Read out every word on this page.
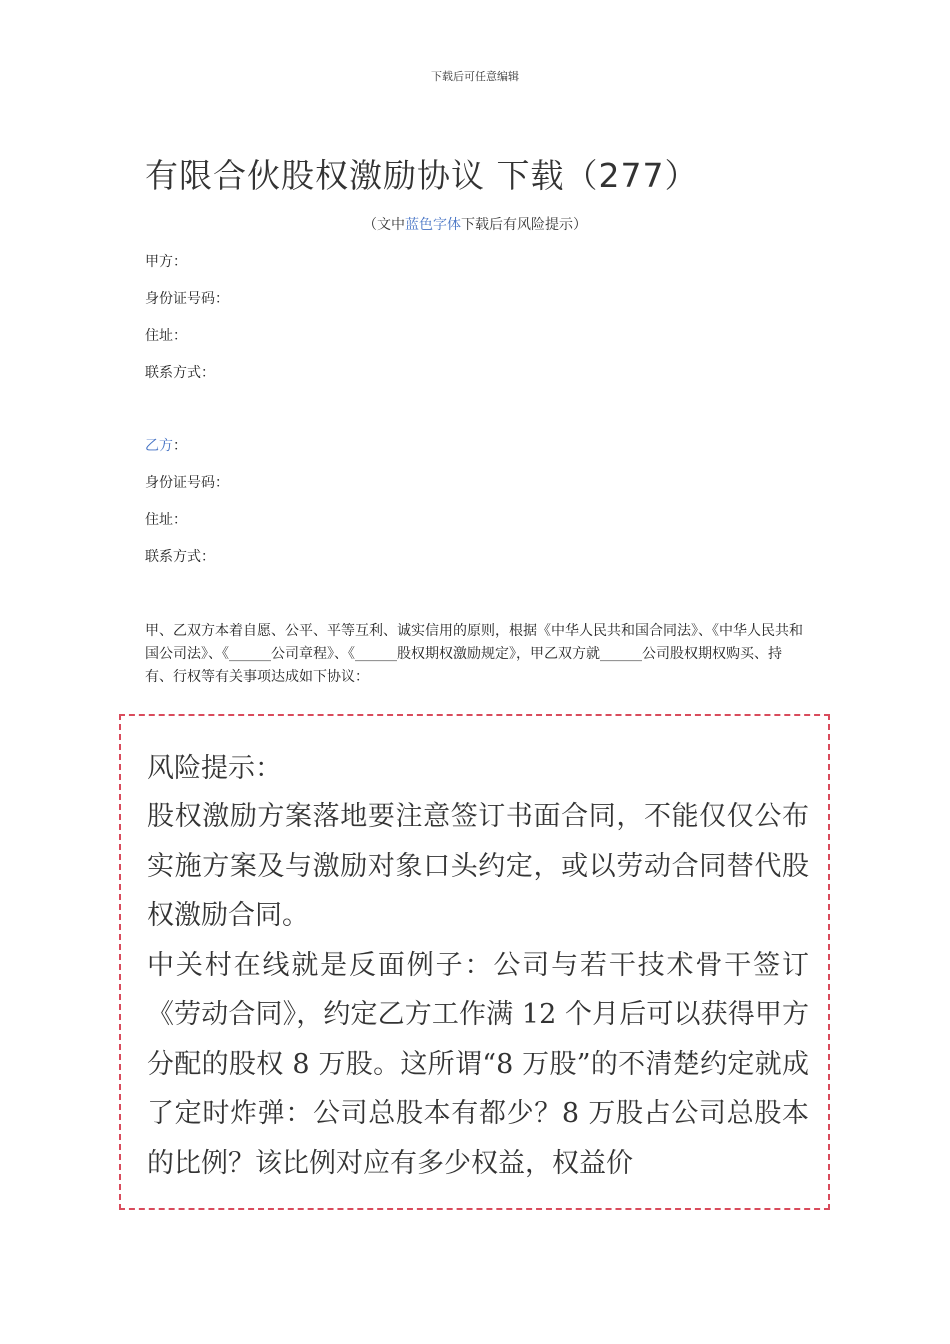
下载后可任意编辑
有限合伙股权激励协议 下载（277）
（文中蓝色字体下载后有风险提示）
甲方：
身份证号码：
住址：
联系方式：
乙方：
身份证号码：
住址：
联系方式：
甲、乙双方本着自愿、公平、平等互利、诚实信用的原则，根据《中华人民共和国合同法》、《中华人民共和国公司法》、《______公司章程》、《______股权期权激励规定》，甲乙双方就______公司股权期权购买、持有、行权等有关事项达成如下协议：
风险提示：

股权激励方案落地要注意签订书面合同，不能仅仅公布实施方案及与激励对象口头约定，或以劳动合同替代股权激励合同。

中关村在线就是反面例子：公司与若干技术骨干签订《劳动合同》，约定乙方工作满 12 个月后可以获得甲方分配的股权 8 万股。这所谓“8 万股”的不清楚约定就成了定时炸弹：公司总股本有都少？8 万股占公司总股本的比例？该比例对应有多少权益，权益价
